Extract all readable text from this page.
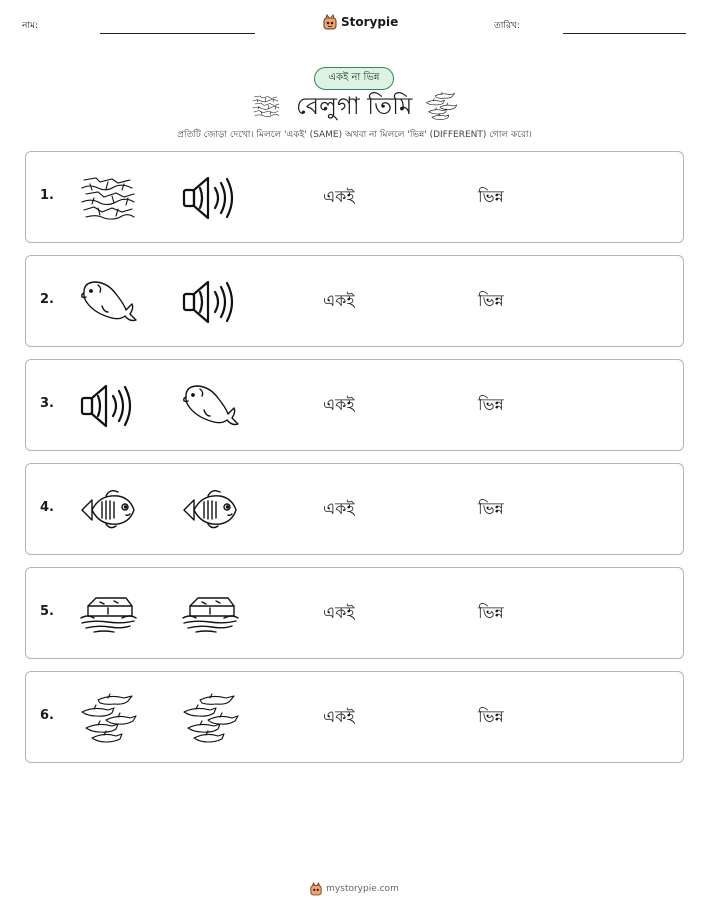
নাম:	Storypie	তারিখ:
একই না ভিন্ন
বেলুগা তিমি
প্রতিটি জোড়া দেখো। মিললে 'একই' (SAME) অথবা না মিললে 'ভিন্ন' (DIFFERENT) গোল করো।
1.	একই	ভিন্ন
2.	একই	ভিন্ন
3.	একই	ভিন্ন
4.	একই	ভিন্ন
5.	একই	ভিন্ন
6.	একই	ভিন্ন
mystorypie.com
